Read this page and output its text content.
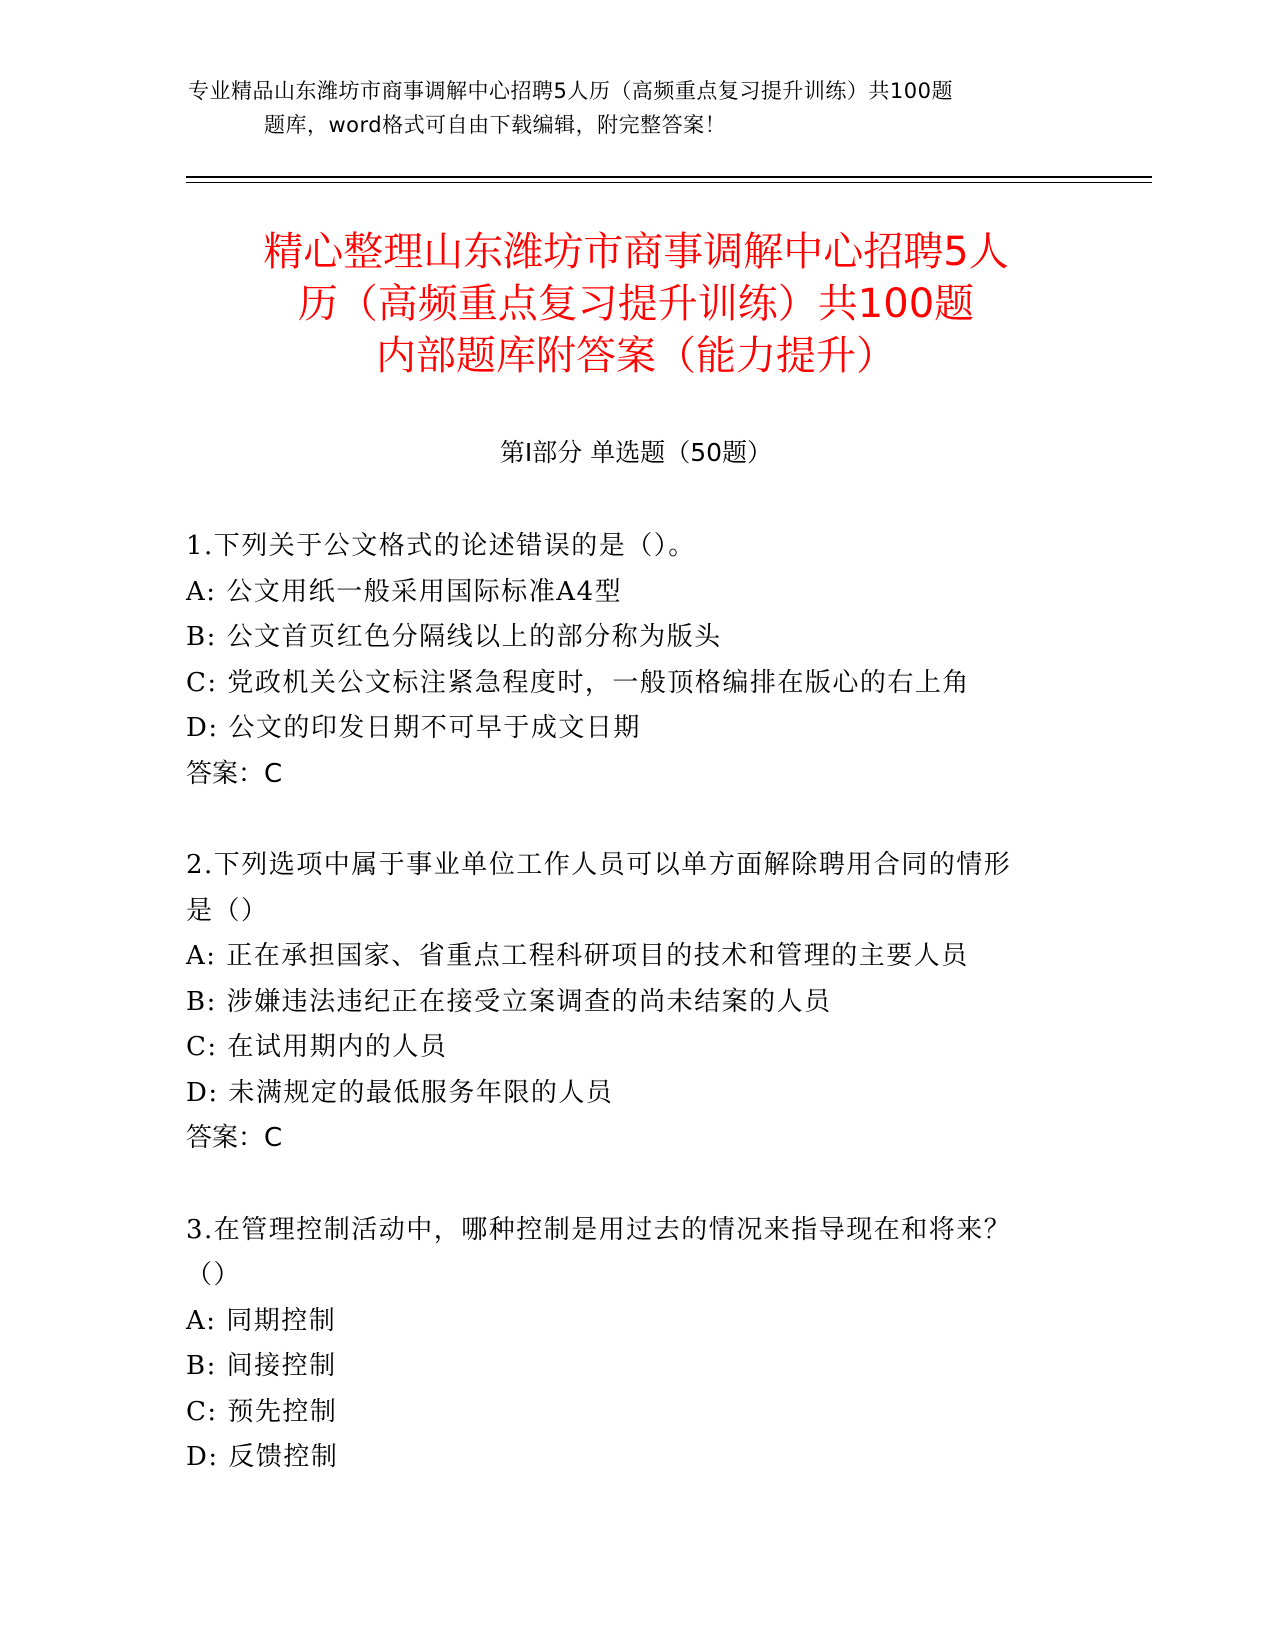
专业精品山东潍坊市商事调解中心招聘5人历（高频重点复习提升训练）共100题
题库，word格式可自由下载编辑，附完整答案！
精心整理山东潍坊市商事调解中心招聘5人
历（高频重点复习提升训练）共100题
内部题库附答案（能力提升）
第I部分 单选题（50题）
1.下列关于公文格式的论述错误的是（）。
A: 公文用纸一般采用国际标准A4型
B: 公文首页红色分隔线以上的部分称为版头
C: 党政机关公文标注紧急程度时，一般顶格编排在版心的右上角
D: 公文的印发日期不可早于成文日期
答案：C
2.下列选项中属于事业单位工作人员可以单方面解除聘用合同的情形
是（）
A: 正在承担国家、省重点工程科研项目的技术和管理的主要人员
B: 涉嫌违法违纪正在接受立案调查的尚未结案的人员
C: 在试用期内的人员
D: 未满规定的最低服务年限的人员
答案：C
3.在管理控制活动中，哪种控制是用过去的情况来指导现在和将来？
（）
A: 同期控制
B: 间接控制
C: 预先控制
D: 反馈控制
